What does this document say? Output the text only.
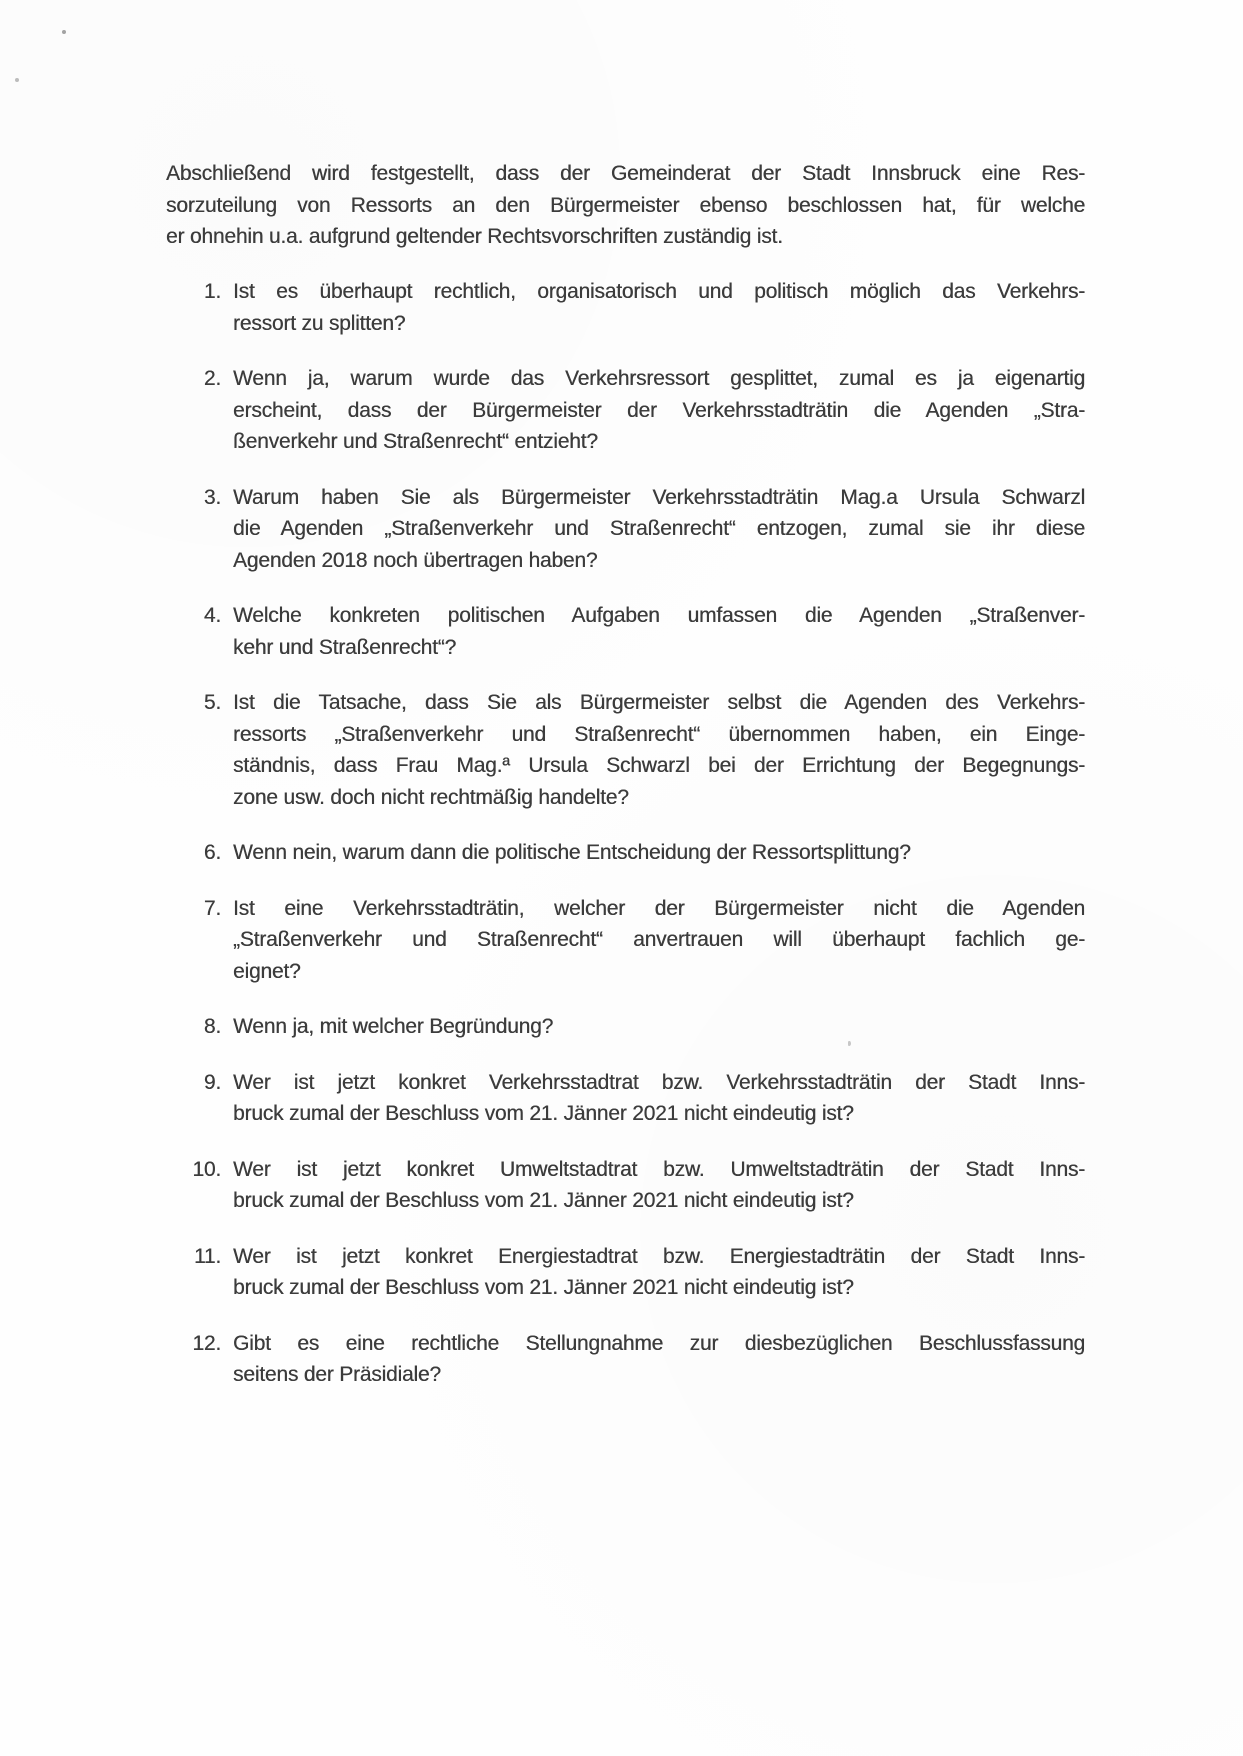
Abschließend wird festgestellt, dass der Gemeinderat der Stadt Innsbruck eine Res-
sorzuteilung von Ressorts an den Bürgermeister ebenso beschlossen hat, für welche
er ohnehin u.a. aufgrund geltender Rechtsvorschriften zuständig ist.
1. Ist es überhaupt rechtlich, organisatorisch und politisch möglich das Verkehrs-
ressort zu splitten?
2. Wenn ja, warum wurde das Verkehrsressort gesplittet, zumal es ja eigenartig
erscheint, dass der Bürgermeister der Verkehrsstadträtin die Agenden „Stra-
ßenverkehr und Straßenrecht“ entzieht?
3. Warum haben Sie als Bürgermeister Verkehrsstadträtin Mag.a Ursula Schwarzl
die Agenden „Straßenverkehr und Straßenrecht“ entzogen, zumal sie ihr diese
Agenden 2018 noch übertragen haben?
4. Welche konkreten politischen Aufgaben umfassen die Agenden „Straßenver-
kehr und Straßenrecht“?
5. Ist die Tatsache, dass Sie als Bürgermeister selbst die Agenden des Verkehrs-
ressorts „Straßenverkehr und Straßenrecht“ übernommen haben, ein Einge-
ständnis, dass Frau Mag.ª Ursula Schwarzl bei der Errichtung der Begegnungs-
zone usw. doch nicht rechtmäßig handelte?
6. Wenn nein, warum dann die politische Entscheidung der Ressortsplittung?
7. Ist eine Verkehrsstadträtin, welcher der Bürgermeister nicht die Agenden
„Straßenverkehr und Straßenrecht“ anvertrauen will überhaupt fachlich ge-
eignet?
8. Wenn ja, mit welcher Begründung?
9. Wer ist jetzt konkret Verkehrsstadtrat bzw. Verkehrsstadträtin der Stadt Inns-
bruck zumal der Beschluss vom 21. Jänner 2021 nicht eindeutig ist?
10. Wer ist jetzt konkret Umweltstadtrat bzw. Umweltstadträtin der Stadt Inns-
bruck zumal der Beschluss vom 21. Jänner 2021 nicht eindeutig ist?
11. Wer ist jetzt konkret Energiestadtrat bzw. Energiestadträtin der Stadt Inns-
bruck zumal der Beschluss vom 21. Jänner 2021 nicht eindeutig ist?
12. Gibt es eine rechtliche Stellungnahme zur diesbezüglichen Beschlussfassung
seitens der Präsidiale?
